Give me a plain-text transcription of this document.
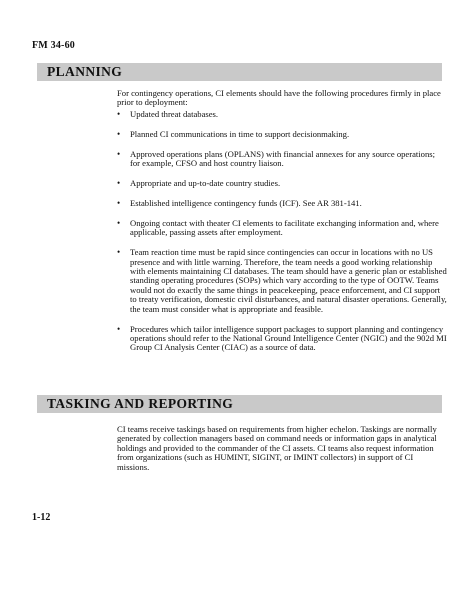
FM 34-60
PLANNING
For contingency operations, CI elements should have the following procedures firmly in place prior to deployment:
• Updated threat databases.
• Planned CI communications in time to support decisionmaking.
• Approved operations plans (OPLANS) with financial annexes for any source operations; for example, CFSO and host country liaison.
• Appropriate and up-to-date country studies.
• Established intelligence contingency funds (ICF). See AR 381-141.
• Ongoing contact with theater CI elements to facilitate exchanging information and, where applicable, passing assets after employment.
• Team reaction time must be rapid since contingencies can occur in locations with no US presence and with little warning. Therefore, the team needs a good working relationship with elements maintaining CI databases. The team should have a generic plan or established standing operating procedures (SOPs) which vary according to the type of OOTW. Teams would not do exactly the same things in peacekeeping, peace enforcement, and CI support to treaty verification, domestic civil disturbances, and natural disaster operations. Generally, the team must consider what is appropriate and feasible.
• Procedures which tailor intelligence support packages to support planning and contingency operations should refer to the National Ground Intelligence Center (NGIC) and the 902d MI Group CI Analysis Center (CIAC) as a source of data.
TASKING AND REPORTING
CI teams receive taskings based on requirements from higher echelon. Taskings are normally generated by collection managers based on command needs or information gaps in analytical holdings and provided to the commander of the CI assets. CI teams also request information from organizations (such as HUMINT, SIGINT, or IMINT collectors) in support of CI missions.
1-12
